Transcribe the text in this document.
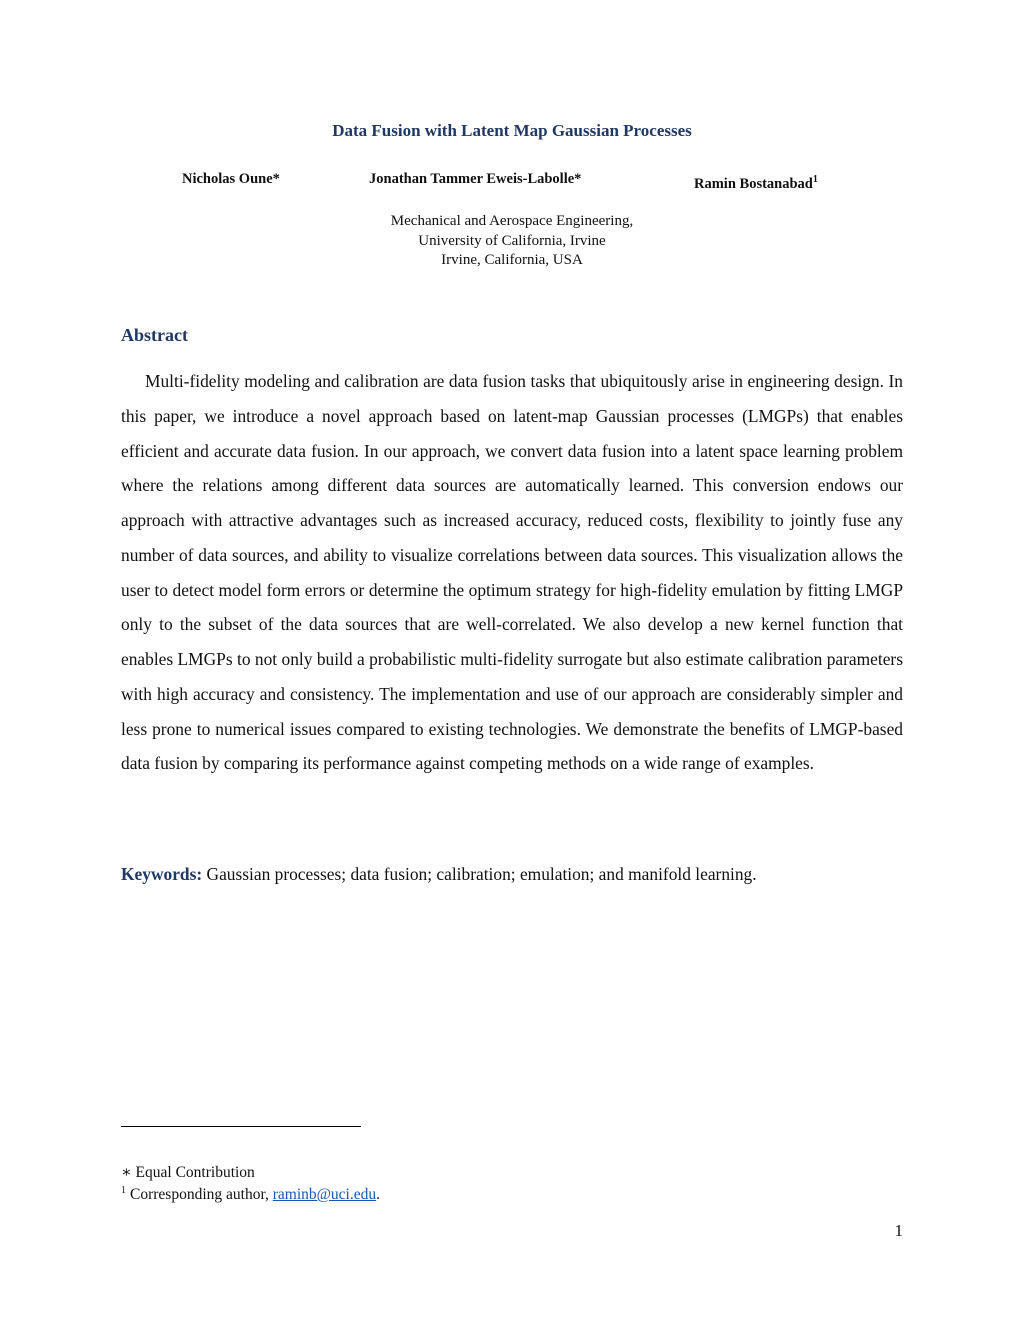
Data Fusion with Latent Map Gaussian Processes
Nicholas Oune*	Jonathan Tammer Eweis-Labolle*	Ramin Bostanabad$^1$
Mechanical and Aerospace Engineering,
University of California, Irvine
Irvine, California, USA
Abstract

Multi-fidelity modeling and calibration are data fusion tasks that ubiquitously arise in engineering design. In this paper, we introduce a novel approach based on latent-map Gaussian processes (LMGPs) that enables efficient and accurate data fusion. In our approach, we convert data fusion into a latent space learning problem where the relations among different data sources are automatically learned. This conversion endows our approach with attractive advantages such as increased accuracy, reduced costs, flexibility to jointly fuse any number of data sources, and ability to visualize correlations between data sources. This visualization allows the user to detect model form errors or determine the optimum strategy for high-fidelity emulation by fitting LMGP only to the subset of the data sources that are well-correlated. We also develop a new kernel function that enables LMGPs to not only build a probabilistic multi-fidelity surrogate but also estimate calibration parameters with high accuracy and consistency. The implementation and use of our approach are considerably simpler and less prone to numerical issues compared to existing technologies. We demonstrate the benefits of LMGP-based data fusion by comparing its performance against competing methods on a wide range of examples.

Keywords: Gaussian processes; data fusion; calibration; emulation; and manifold learning.
∗ Equal Contribution
$^1$ Corresponding author, raminb@uci.edu.
1
